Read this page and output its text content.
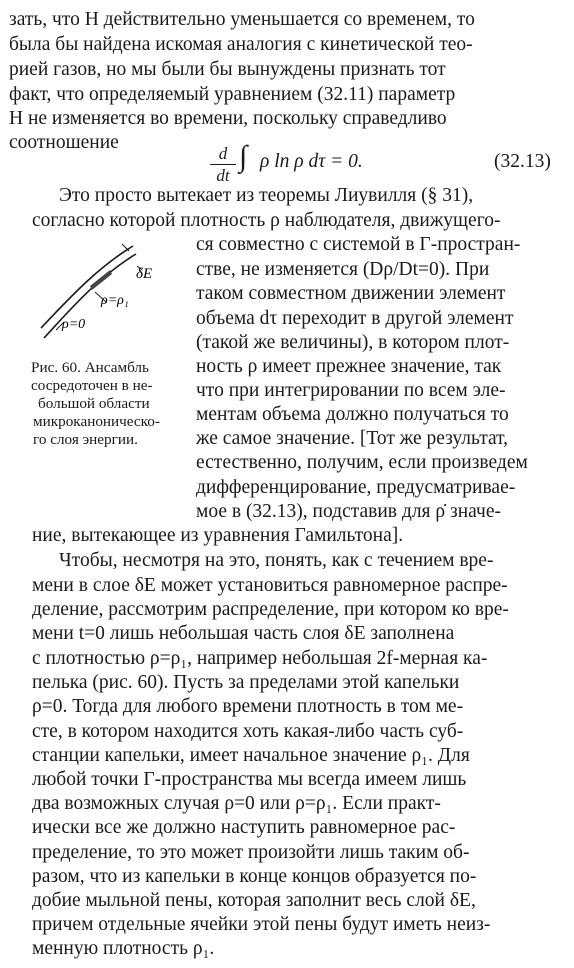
зать, что H действительно уменьшается со временем, то
была бы найдена искомая аналогия с кинетической тео-
рией газов, но мы были бы вынуждены признать тот
факт, что определяемый уравнением (32.11) параметр
H не изменяется во времени, поскольку справедливо
соотношение
d
dt
∫ ρ ln ρ dτ = 0.	(32.13)
Это просто вытекает из теоремы Лиувилля (§ 31),
согласно которой плотность ρ наблюдателя, движущего-
δE
ρ=ρ₁
ρ=0
Рис. 60. Ансамбль
сосредоточен в не-
большой области
микроканоническо-
го слоя энергии.
ся совместно с системой в Γ-простран-
стве, не изменяется (Dρ/Dt=0). При
таком совместном движении элемент
объема dτ переходит в другой элемент
(такой же величины), в котором плот-
ность ρ имеет прежнее значение, так
что при интегрировании по всем эле-
ментам объема должно получаться то
же самое значение. [Тот же результат,
естественно, получим, если произведем
дифференцирование, предусматривае-
мое в (32.13), подставив для ρ̇ значе-
ние, вытекающее из уравнения Гамильтона].
Чтобы, несмотря на это, понять, как с течением вре-
мени в слое δE может установиться равномерное распре-
деление, рассмотрим распределение, при котором ко вре-
мени t=0 лишь небольшая часть слоя δE заполнена
с плотностью ρ=ρ₁, например небольшая 2f-мерная ка-
пелька (рис. 60). Пусть за пределами этой капельки
ρ=0. Тогда для любого времени плотность в том ме-
сте, в котором находится хоть какая-либо часть суб-
станции капельки, имеет начальное значение ρ₁. Для
любой точки Γ-пространства мы всегда имеем лишь
два возможных случая ρ=0 или ρ=ρ₁. Если практ-
ически все же должно наступить равномерное рас-
пределение, то это может произойти лишь таким об-
разом, что из капельки в конце концов образуется по-
добие мыльной пены, которая заполнит весь слой δE,
причем отдельные ячейки этой пены будут иметь неиз-
менную плотность ρ₁.
